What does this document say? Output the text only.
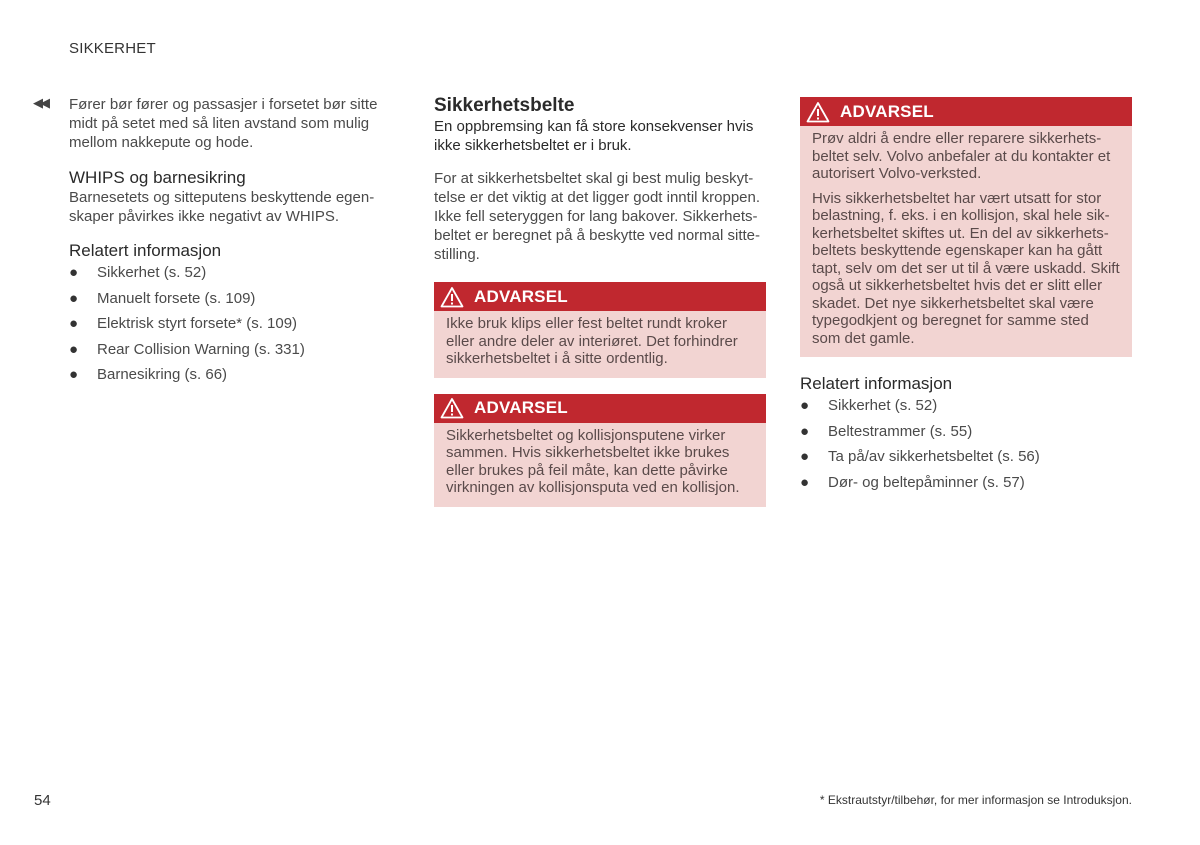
SIKKERHET
◀◀ Fører bør fører og passasjer i forsetet bør sitte midt på setet med så liten avstand som mulig mellom nakkepute og hode.

WHIPS og barnesikring

Barnesetets og sitteputens beskyttende egen-skaper påvirkes ikke negativt av WHIPS.

Relatert informasjon
● Sikkerhet (s. 52)
● Manuelt forsete (s. 109)
● Elektrisk styrt forsete* (s. 109)
● Rear Collision Warning (s. 331)
● Barnesikring (s. 66)
Sikkerhetsbelte

En oppbremsing kan få store konsekvenser hvis ikke sikkerhetsbeltet er i bruk.

For at sikkerhetsbeltet skal gi best mulig beskyt-telse er det viktig at det ligger godt inntil kroppen. Ikke fell seteryggen for lang bakover. Sikkerhets-beltet er beregnet på å beskytte ved normal sitte-stilling.

ADVARSEL

Ikke bruk klips eller fest beltet rundt kroker eller andre deler av interiøret. Det forhindrer sikkerhetsbeltet i å sitte ordentlig.

ADVARSEL

Sikkerhetsbeltet og kollisjonsputene virker sammen. Hvis sikkerhetsbeltet ikke brukes eller brukes på feil måte, kan dette påvirke virkningen av kollisjonsputa ved en kollisjon.

ADVARSEL

Prøv aldri å endre eller reparere sikkerhets-beltet selv. Volvo anbefaler at du kontakter et autorisert Volvo-verksted.

Hvis sikkerhetsbeltet har vært utsatt for stor belastning, f. eks. i en kollisjon, skal hele sik-kerhetsbeltet skiftes ut. En del av sikkerhets-beltets beskyttende egenskaper kan ha gått tapt, selv om det ser ut til å være uskadd. Skift også ut sikkerhetsbeltet hvis det er slitt eller skadet. Det nye sikkerhetsbeltet skal være typegodkjent og beregnet for samme sted som det gamle.

Relatert informasjon
● Sikkerhet (s. 52)
● Beltestrammer (s. 55)
● Ta på/av sikkerhetsbeltet (s. 56)
● Dør- og beltepåminner (s. 57)
54	* Ekstrautstyr/tilbehør, for mer informasjon se Introduksjon.
